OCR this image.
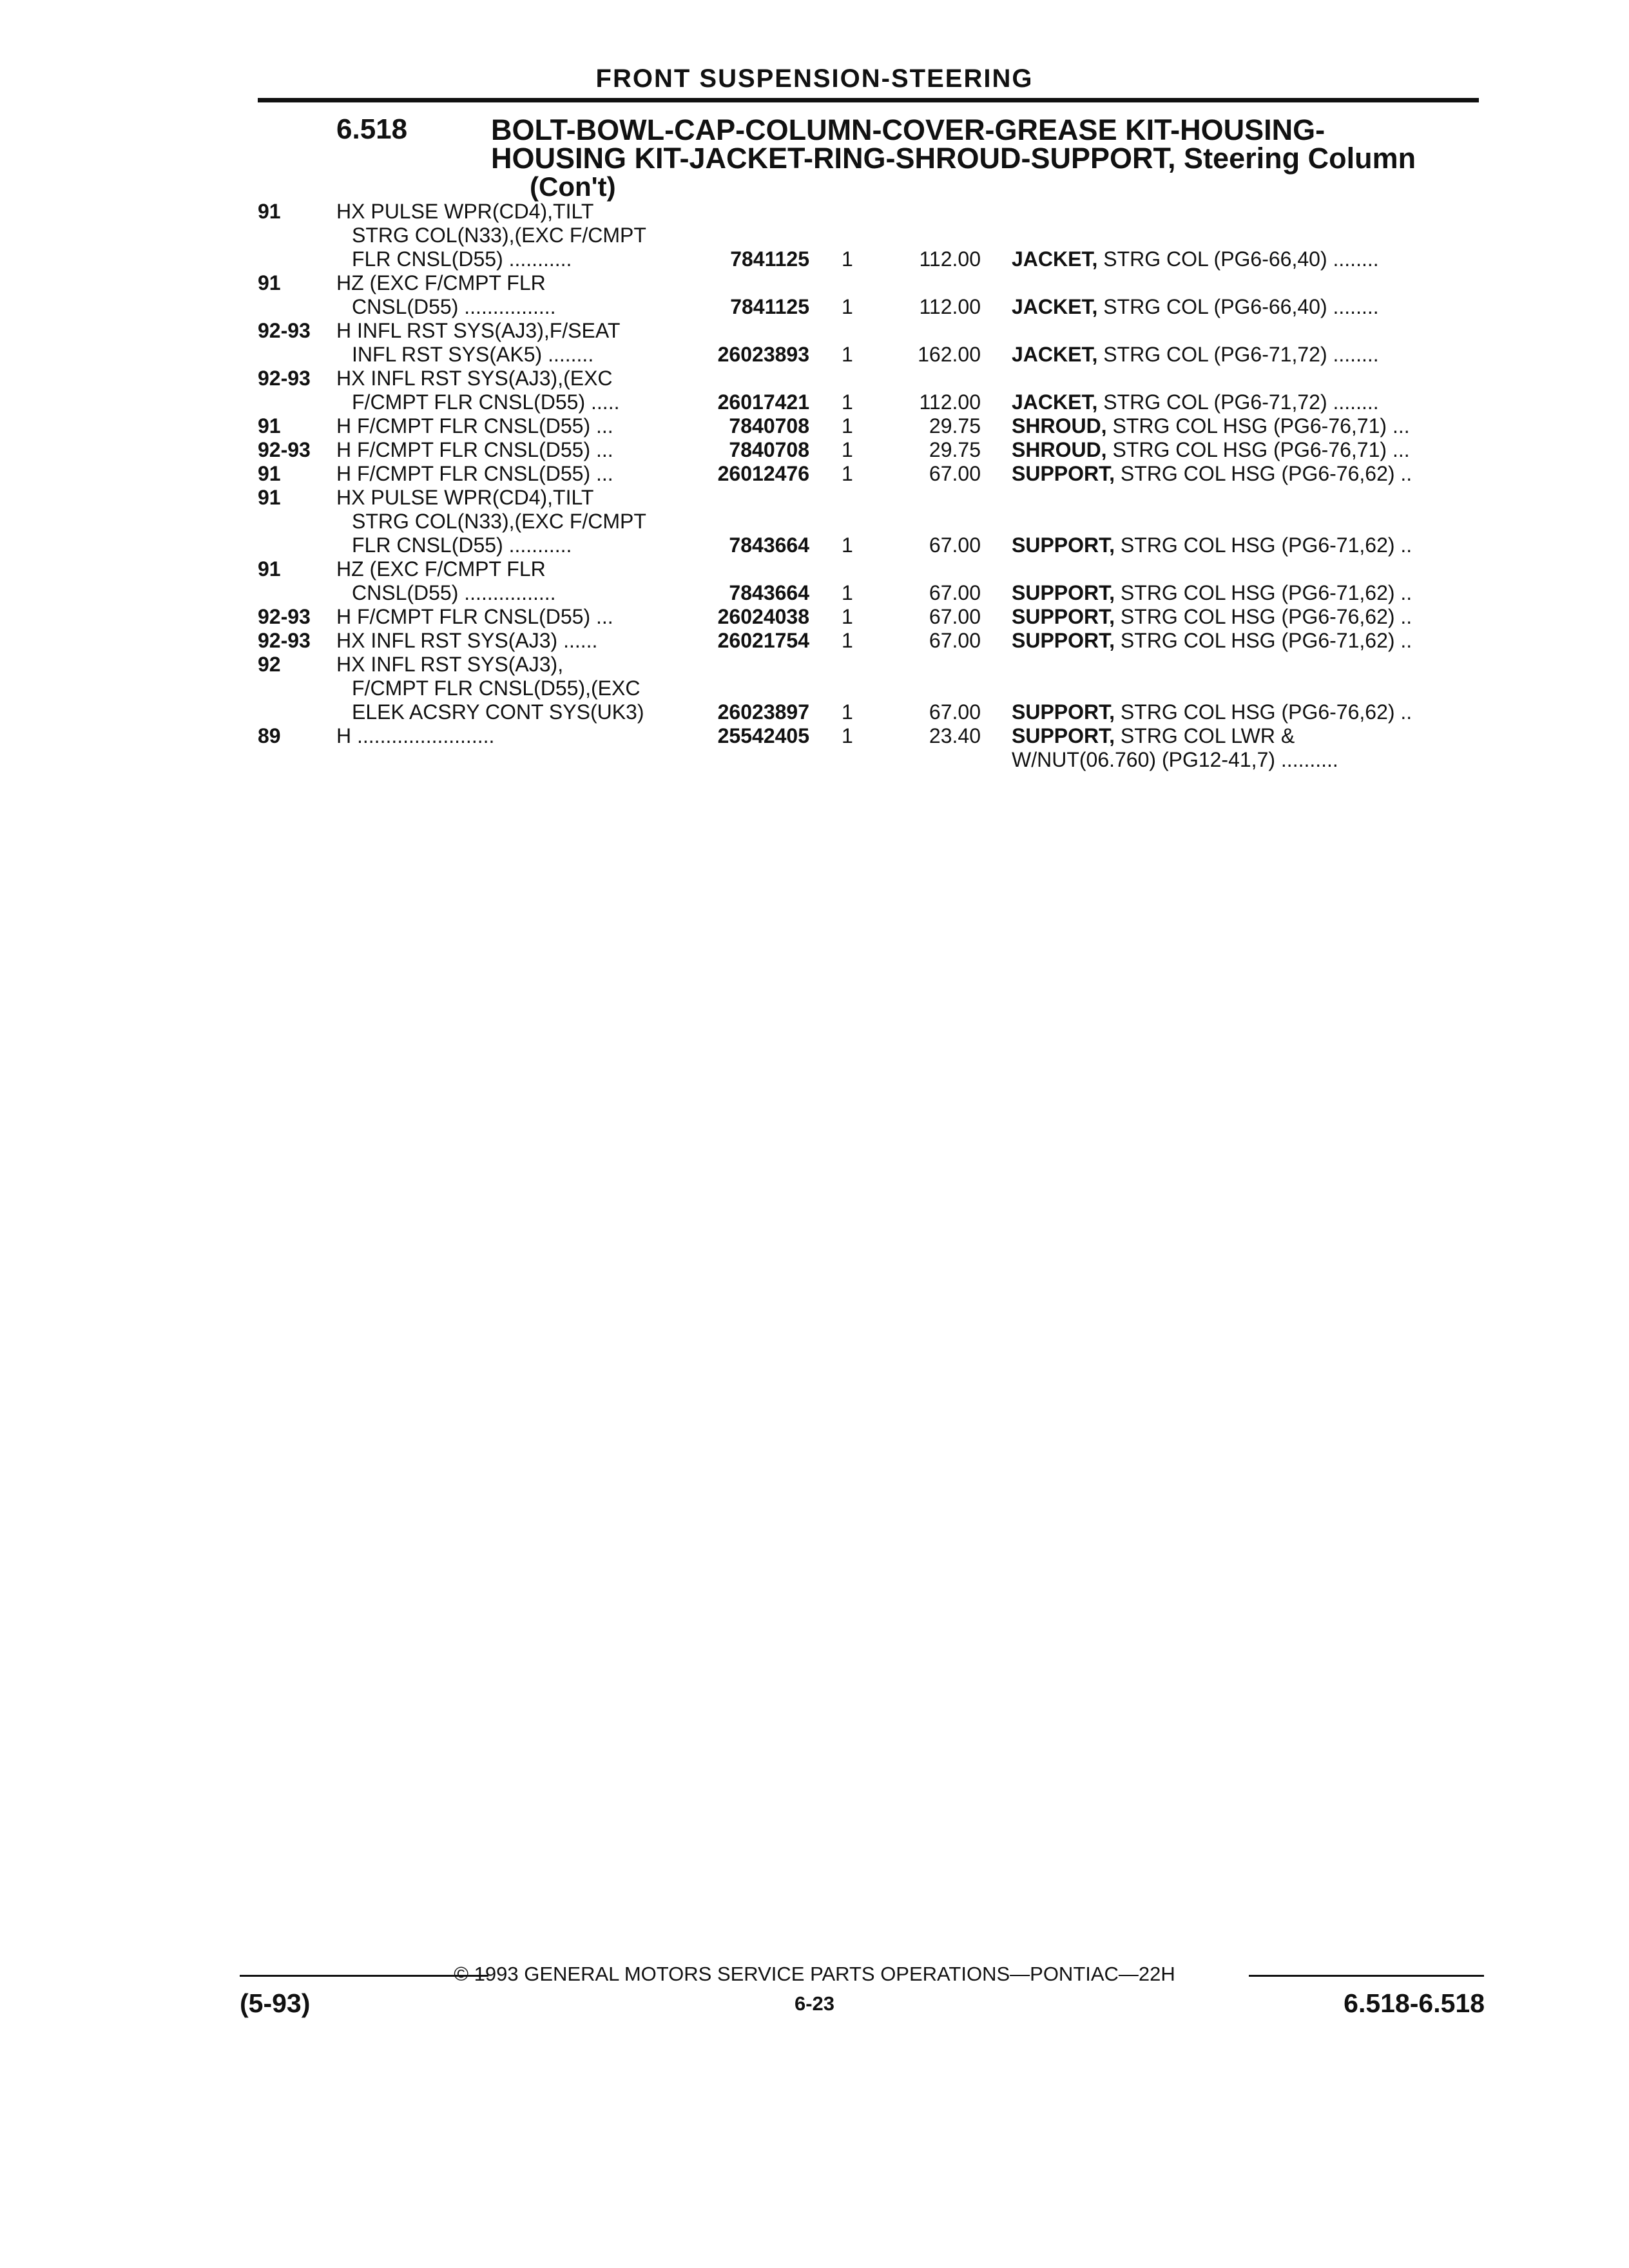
FRONT SUSPENSION-STEERING
6.518	BOLT-BOWL-CAP-COLUMN-COVER-GREASE KIT-HOUSING-
HOUSING KIT-JACKET-RING-SHROUD-SUPPORT, Steering Column
(Con't)
91	HX PULSE WPR(CD4),TILT
STRG COL(N33),(EXC F/CMPT
FLR CNSL(D55) ...........	7841125 1	112.00 JACKET, STRG COL (PG6-66,40) ........
91	HZ (EXC F/CMPT FLR
CNSL(D55) ................	7841125 1	112.00 JACKET, STRG COL (PG6-66,40) ........
92-93 H INFL RST SYS(AJ3),F/SEAT
INFL RST SYS(AK5) ........	26023893 1	162.00 JACKET, STRG COL (PG6-71,72) ........
92-93 HX INFL RST SYS(AJ3),(EXC
F/CMPT FLR CNSL(D55) .....	26017421 1	112.00 JACKET, STRG COL (PG6-71,72) ........
91	H F/CMPT FLR CNSL(D55) ...	7840708 1	29.75 SHROUD, STRG COL HSG (PG6-76,71) ...
92-93 H F/CMPT FLR CNSL(D55) ...	7840708 1	29.75 SHROUD, STRG COL HSG (PG6-76,71) ...
91	H F/CMPT FLR CNSL(D55) ...	26012476 1	67.00 SUPPORT, STRG COL HSG (PG6-76,62) ..
91	HX PULSE WPR(CD4),TILT
STRG COL(N33),(EXC F/CMPT
FLR CNSL(D55) ...........	7843664 1	67.00 SUPPORT, STRG COL HSG (PG6-71,62) ..
91	HZ (EXC F/CMPT FLR
CNSL(D55) ................	7843664 1	67.00 SUPPORT, STRG COL HSG (PG6-71,62) ..
92-93 H F/CMPT FLR CNSL(D55) ...	26024038 1	67.00 SUPPORT, STRG COL HSG (PG6-76,62) ..
92-93 HX INFL RST SYS(AJ3) ......	26021754 1	67.00 SUPPORT, STRG COL HSG (PG6-71,62) ..
92	HX INFL RST SYS(AJ3),
F/CMPT FLR CNSL(D55),(EXC
ELEK ACSRY CONT SYS(UK3)	26023897 1	67.00 SUPPORT, STRG COL HSG (PG6-76,62) ..
89	H ........................	25542405 1	23.40 SUPPORT, STRG COL LWR &
W/NUT(06.760) (PG12-41,7) ..........
© 1993 GENERAL MOTORS SERVICE PARTS OPERATIONS—PONTIAC—22H
(5-93)	6-23	6.518-6.518
